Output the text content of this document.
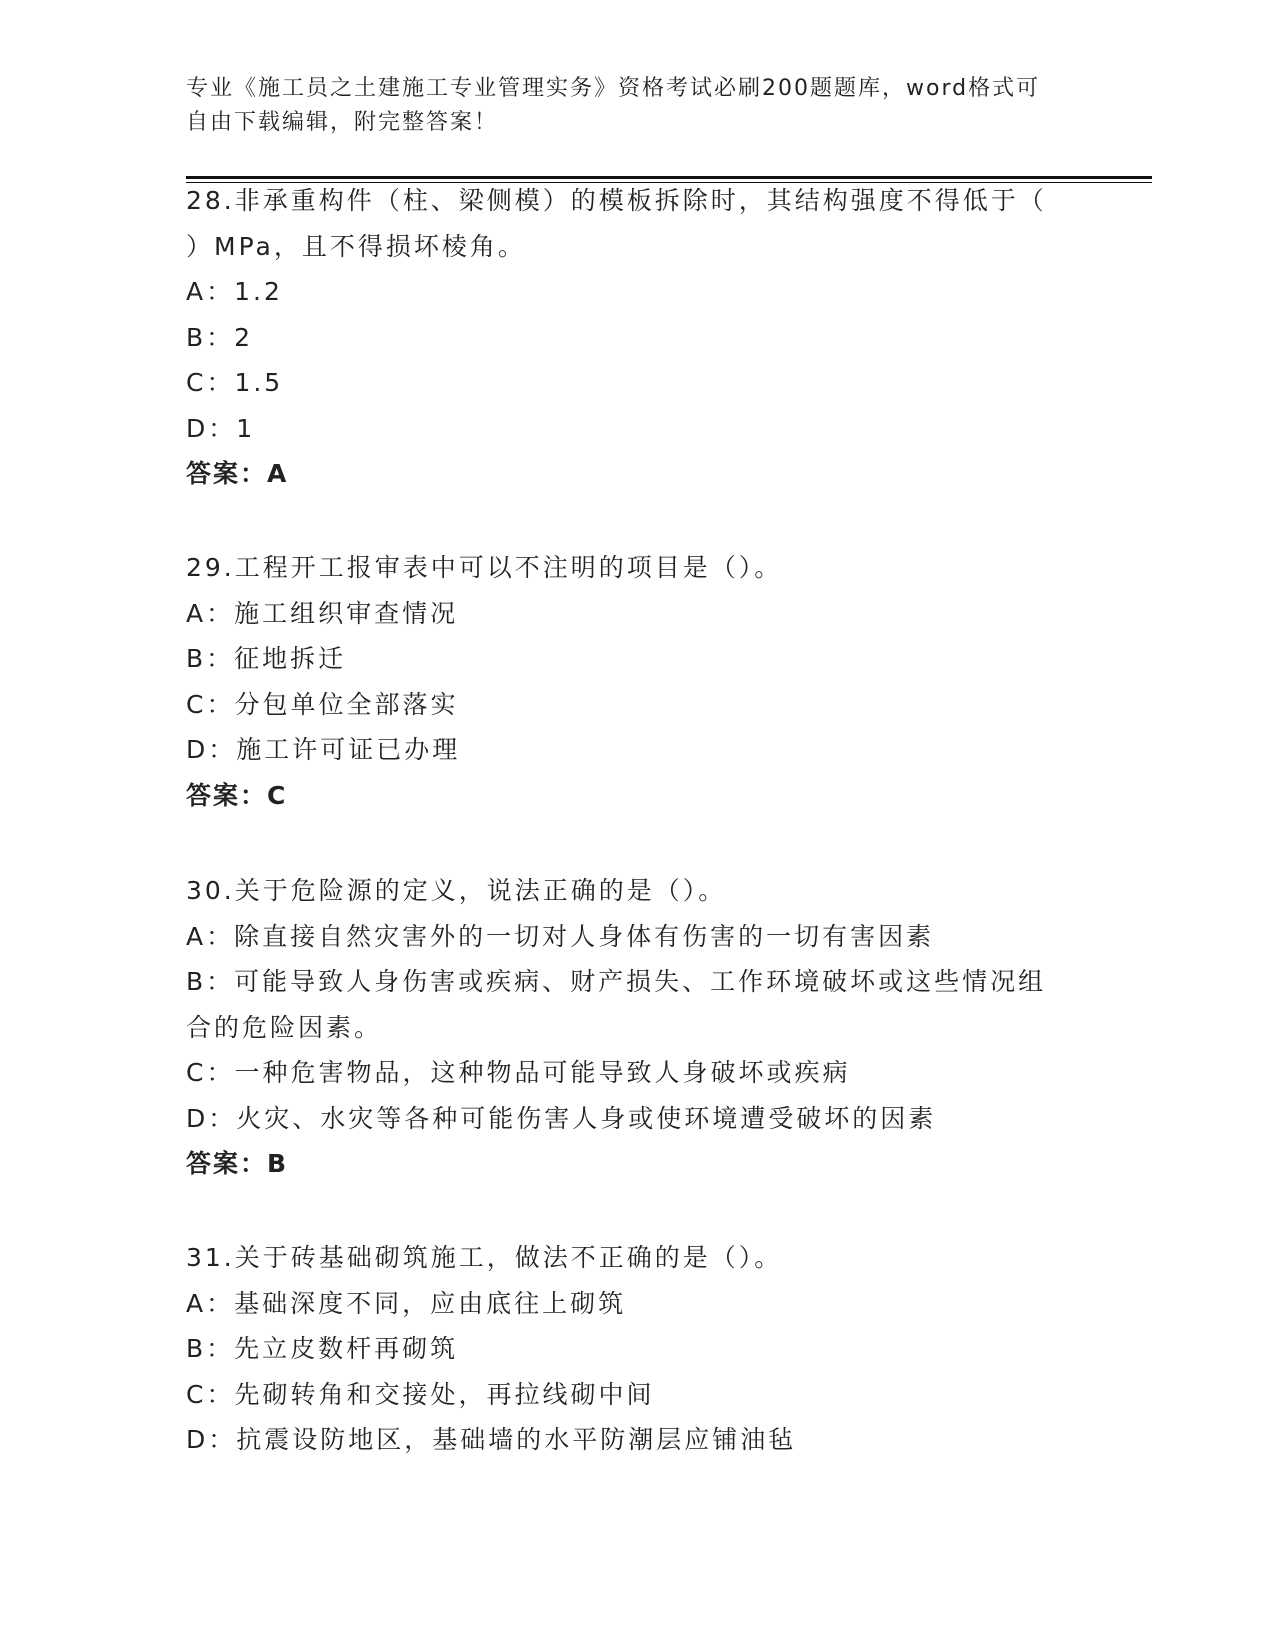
专业《施工员之土建施工专业管理实务》资格考试必刷200题题库，word格式可
自由下载编辑，附完整答案！
28.非承重构件（柱、梁侧模）的模板拆除时，其结构强度不得低于（
）MPa，且不得损坏棱角。
A：1.2
B：2
C：1.5
D：1
答案：A
29.工程开工报审表中可以不注明的项目是（）。
A：施工组织审查情况
B：征地拆迁
C：分包单位全部落实
D：施工许可证已办理
答案：C
30.关于危险源的定义，说法正确的是（）。
A：除直接自然灾害外的一切对人身体有伤害的一切有害因素
B：可能导致人身伤害或疾病、财产损失、工作环境破坏或这些情况组
合的危险因素。
C：一种危害物品，这种物品可能导致人身破坏或疾病
D：火灾、水灾等各种可能伤害人身或使环境遭受破坏的因素
答案：B
31.关于砖基础砌筑施工，做法不正确的是（）。
A：基础深度不同，应由底往上砌筑
B：先立皮数杆再砌筑
C：先砌转角和交接处，再拉线砌中间
D：抗震设防地区，基础墙的水平防潮层应铺油毡
